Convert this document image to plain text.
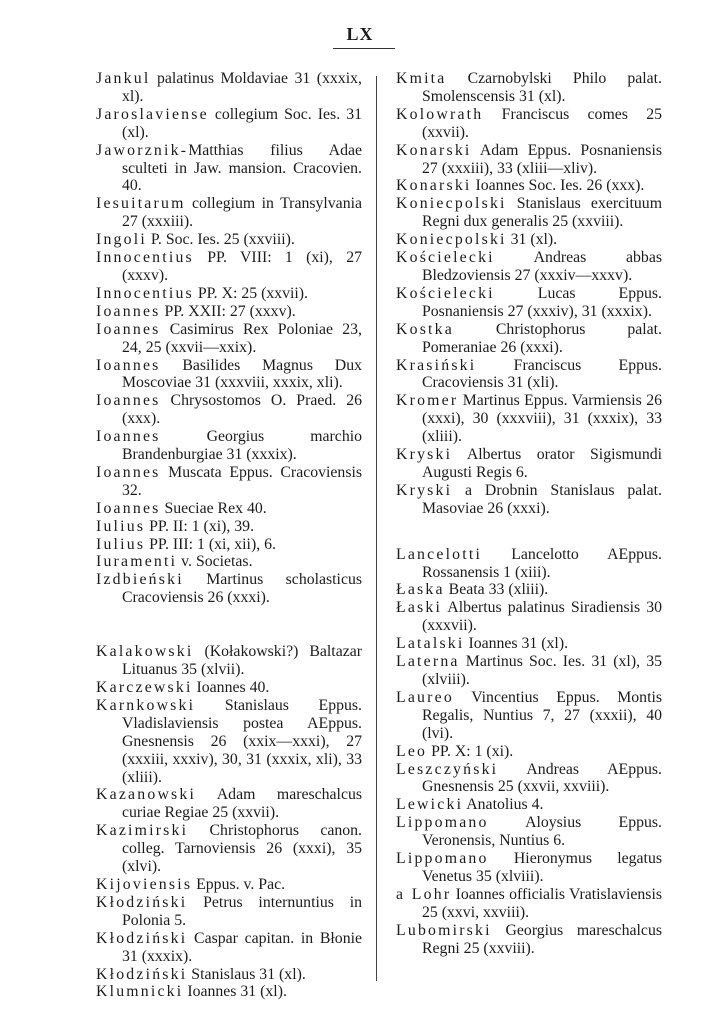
LX

Jankul palatinus Moldaviae 31 (xxxix, xl).

Jaroslaviense collegium Soc. Ies. 31 (xl).

Jaworznik-Matthias filius Adae sculteti in Jaw. mansion. Cracovien. 40.

Iesuitarum collegium in Transylvania 27 (xxxiii).

Ingoli P. Soc. Ies. 25 (xxviii).

Innocentius PP. VIII: 1 (xi), 27 (xxxv).

Innocentius PP. X: 25 (xxvii).

Ioannes PP. XXII: 27 (xxxv).

Ioannes Casimirus Rex Poloniae 23, 24, 25 (xxvii—xxix).

Ioannes Basilides Magnus Dux Moscoviae 31 (xxxviii, xxxix, xli).

Ioannes Chrysostomos O. Praed. 26 (xxx).

Ioannes Georgius marchio Brandenburgiae 31 (xxxix).

Ioannes Muscata Eppus. Cracoviensis 32.

Ioannes Sueciae Rex 40.

Iulius PP. II: 1 (xi), 39.

Iulius PP. III: 1 (xi, xii), 6.

Iuramenti v. Societas.

Izdbieński Martinus scholasticus Cracoviensis 26 (xxxi).

Kalakowski (Kołakowski?) Baltazar Lituanus 35 (xlvii).

Karczewski Ioannes 40.

Karnkowski Stanislaus Eppus. Vladislaviensis postea AEppus. Gnesnensis 26 (xxix—xxxi), 27 (xxxiii, xxxiv), 30, 31 (xxxix, xli), 33 (xliii).

Kazanowski Adam mareschalcus curiae Regiae 25 (xxvii).

Kazimirski Christophorus canon. colleg. Tarnoviensis 26 (xxxi), 35 (xlvi).

Kijoviensis Eppus. v. Pac.

Kłodziński Petrus internuntius in Polonia 5.

Kłodziński Caspar capitan. in Błonie 31 (xxxix).

Kłodziński Stanislaus 31 (xl).

Klumnicki Ioannes 31 (xl).

Kmita Czarnobylski Philo palat. Smolenscensis 31 (xl).

Kolowrath Franciscus comes 25 (xxvii).

Konarski Adam Eppus. Posnaniensis 27 (xxxiii), 33 (xliii—xliv).

Konarski Ioannes Soc. Ies. 26 (xxx).

Koniecpolski Stanislaus exercituum Regni dux generalis 25 (xxviii).

Koniecpolski 31 (xl).

Kościelecki Andreas abbas Bledzoviensis 27 (xxxiv—xxxv).

Kościelecki Lucas Eppus. Posnaniensis 27 (xxxiv), 31 (xxxix).

Kostka Christophorus palat. Pomeraniae 26 (xxxi).

Krasiński Franciscus Eppus. Cracoviensis 31 (xli).

Kromer Martinus Eppus. Varmiensis 26 (xxxi), 30 (xxxviii), 31 (xxxix), 33 (xliii).

Kryski Albertus orator Sigismundi Augusti Regis 6.

Kryski a Drobnin Stanislaus palat. Masoviae 26 (xxxi).

Lancelotti Lancelotto AEppus. Rossanensis 1 (xiii).

Łaska Beata 33 (xliii).

Łaski Albertus palatinus Siradiensis 30 (xxxvii).

Latalski Ioannes 31 (xl).

Laterna Martinus Soc. Ies. 31 (xl), 35 (xlviii).

Laureo Vincentius Eppus. Montis Regalis, Nuntius 7, 27 (xxxii), 40 (lvi).

Leo PP. X: 1 (xi).

Leszczyński Andreas AEppus. Gnesnensis 25 (xxvii, xxviii).

Lewicki Anatolius 4.

Lippomano Aloysius Eppus. Veronensis, Nuntius 6.

Lippomano Hieronymus legatus Venetus 35 (xlviii).

a Lohr Ioannes officialis Vratislaviensis 25 (xxvi, xxviii).

Lubomirski Georgius mareschalcus Regni 25 (xxviii).
